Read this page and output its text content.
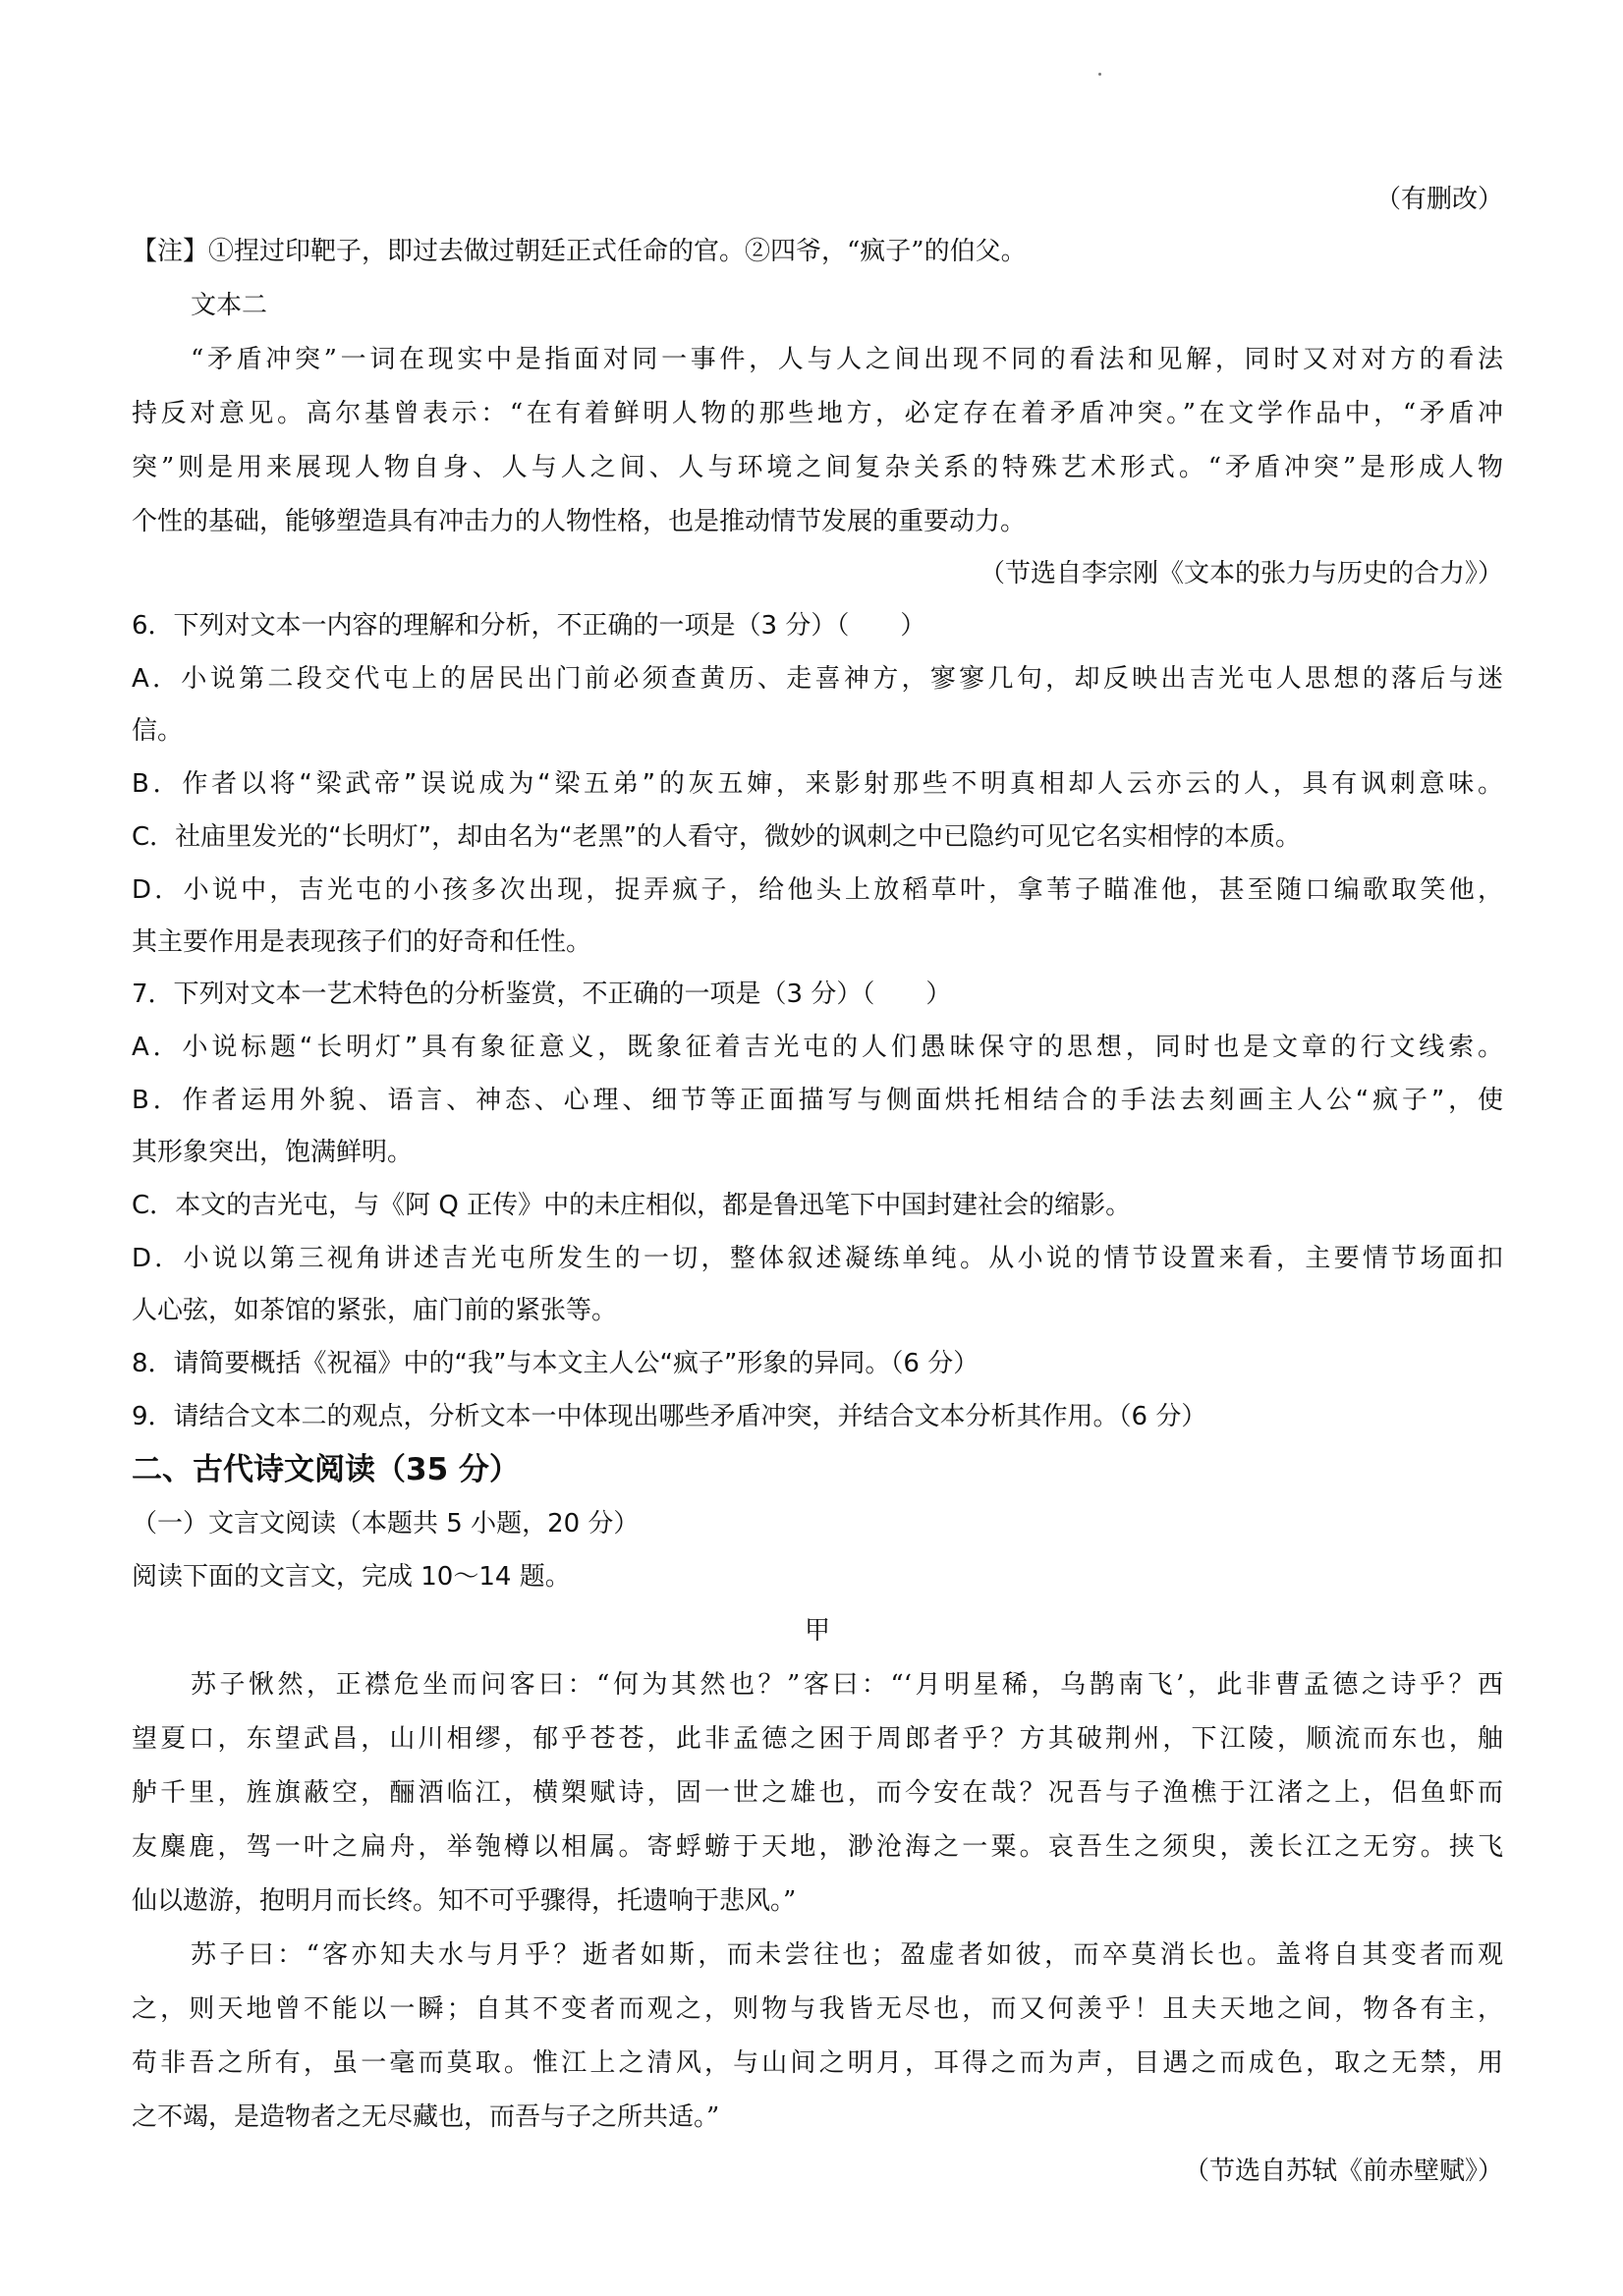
（有删改）
【注】①捏过印靶子，即过去做过朝廷正式任命的官。②四爷，“疯子”的伯父。
文本二
“矛盾冲突”一词在现实中是指面对同一事件，人与人之间出现不同的看法和见解，同时又对对方的看法
持反对意见。高尔基曾表示：“在有着鲜明人物的那些地方，必定存在着矛盾冲突。”在文学作品中，“矛盾冲
突”则是用来展现人物自身、人与人之间、人与环境之间复杂关系的特殊艺术形式。“矛盾冲突”是形成人物
个性的基础，能够塑造具有冲击力的人物性格，也是推动情节发展的重要动力。
（节选自李宗刚《文本的张力与历史的合力》）
6．下列对文本一内容的理解和分析，不正确的一项是（3 分）（　　）
A．小说第二段交代屯上的居民出门前必须查黄历、走喜神方，寥寥几句，却反映出吉光屯人思想的落后与迷
信。
B．作者以将“梁武帝”误说成为“梁五弟”的灰五婶，来影射那些不明真相却人云亦云的人，具有讽刺意味。
C．社庙里发光的“长明灯”，却由名为“老黑”的人看守，微妙的讽刺之中已隐约可见它名实相悖的本质。
D．小说中，吉光屯的小孩多次出现，捉弄疯子，给他头上放稻草叶，拿苇子瞄准他，甚至随口编歌取笑他，
其主要作用是表现孩子们的好奇和任性。
7．下列对文本一艺术特色的分析鉴赏，不正确的一项是（3 分）（　　）
A．小说标题“长明灯”具有象征意义，既象征着吉光屯的人们愚昧保守的思想，同时也是文章的行文线索。
B．作者运用外貌、语言、神态、心理、细节等正面描写与侧面烘托相结合的手法去刻画主人公“疯子”，使
其形象突出，饱满鲜明。
C．本文的吉光屯，与《阿 Q 正传》中的未庄相似，都是鲁迅笔下中国封建社会的缩影。
D．小说以第三视角讲述吉光屯所发生的一切，整体叙述凝练单纯。从小说的情节设置来看，主要情节场面扣
人心弦，如茶馆的紧张，庙门前的紧张等。
8．请简要概括《祝福》中的“我”与本文主人公“疯子”形象的异同。（6 分）
9．请结合文本二的观点，分析文本一中体现出哪些矛盾冲突，并结合文本分析其作用。（6 分）
二、古代诗文阅读（35 分）
（一）文言文阅读（本题共 5 小题，20 分）
阅读下面的文言文，完成 10～14 题。
甲
苏子愀然，正襟危坐而问客曰：“何为其然也？”客曰：“‘月明星稀，乌鹊南飞’，此非曹孟德之诗乎？西
望夏口，东望武昌，山川相缪，郁乎苍苍，此非孟德之困于周郎者乎？方其破荆州，下江陵，顺流而东也，舳
舻千里，旌旗蔽空，酾酒临江，横槊赋诗，固一世之雄也，而今安在哉？况吾与子渔樵于江渚之上，侣鱼虾而
友麋鹿，驾一叶之扁舟，举匏樽以相属。寄蜉蝣于天地，渺沧海之一粟。哀吾生之须臾，羡长江之无穷。挟飞
仙以遨游，抱明月而长终。知不可乎骤得，托遗响于悲风。”
苏子曰：“客亦知夫水与月乎？逝者如斯，而未尝往也；盈虚者如彼，而卒莫消长也。盖将自其变者而观
之，则天地曾不能以一瞬；自其不变者而观之，则物与我皆无尽也，而又何羡乎！且夫天地之间，物各有主，
苟非吾之所有，虽一毫而莫取。惟江上之清风，与山间之明月，耳得之而为声，目遇之而成色，取之无禁，用
之不竭，是造物者之无尽藏也，而吾与子之所共适。”
（节选自苏轼《前赤壁赋》）
